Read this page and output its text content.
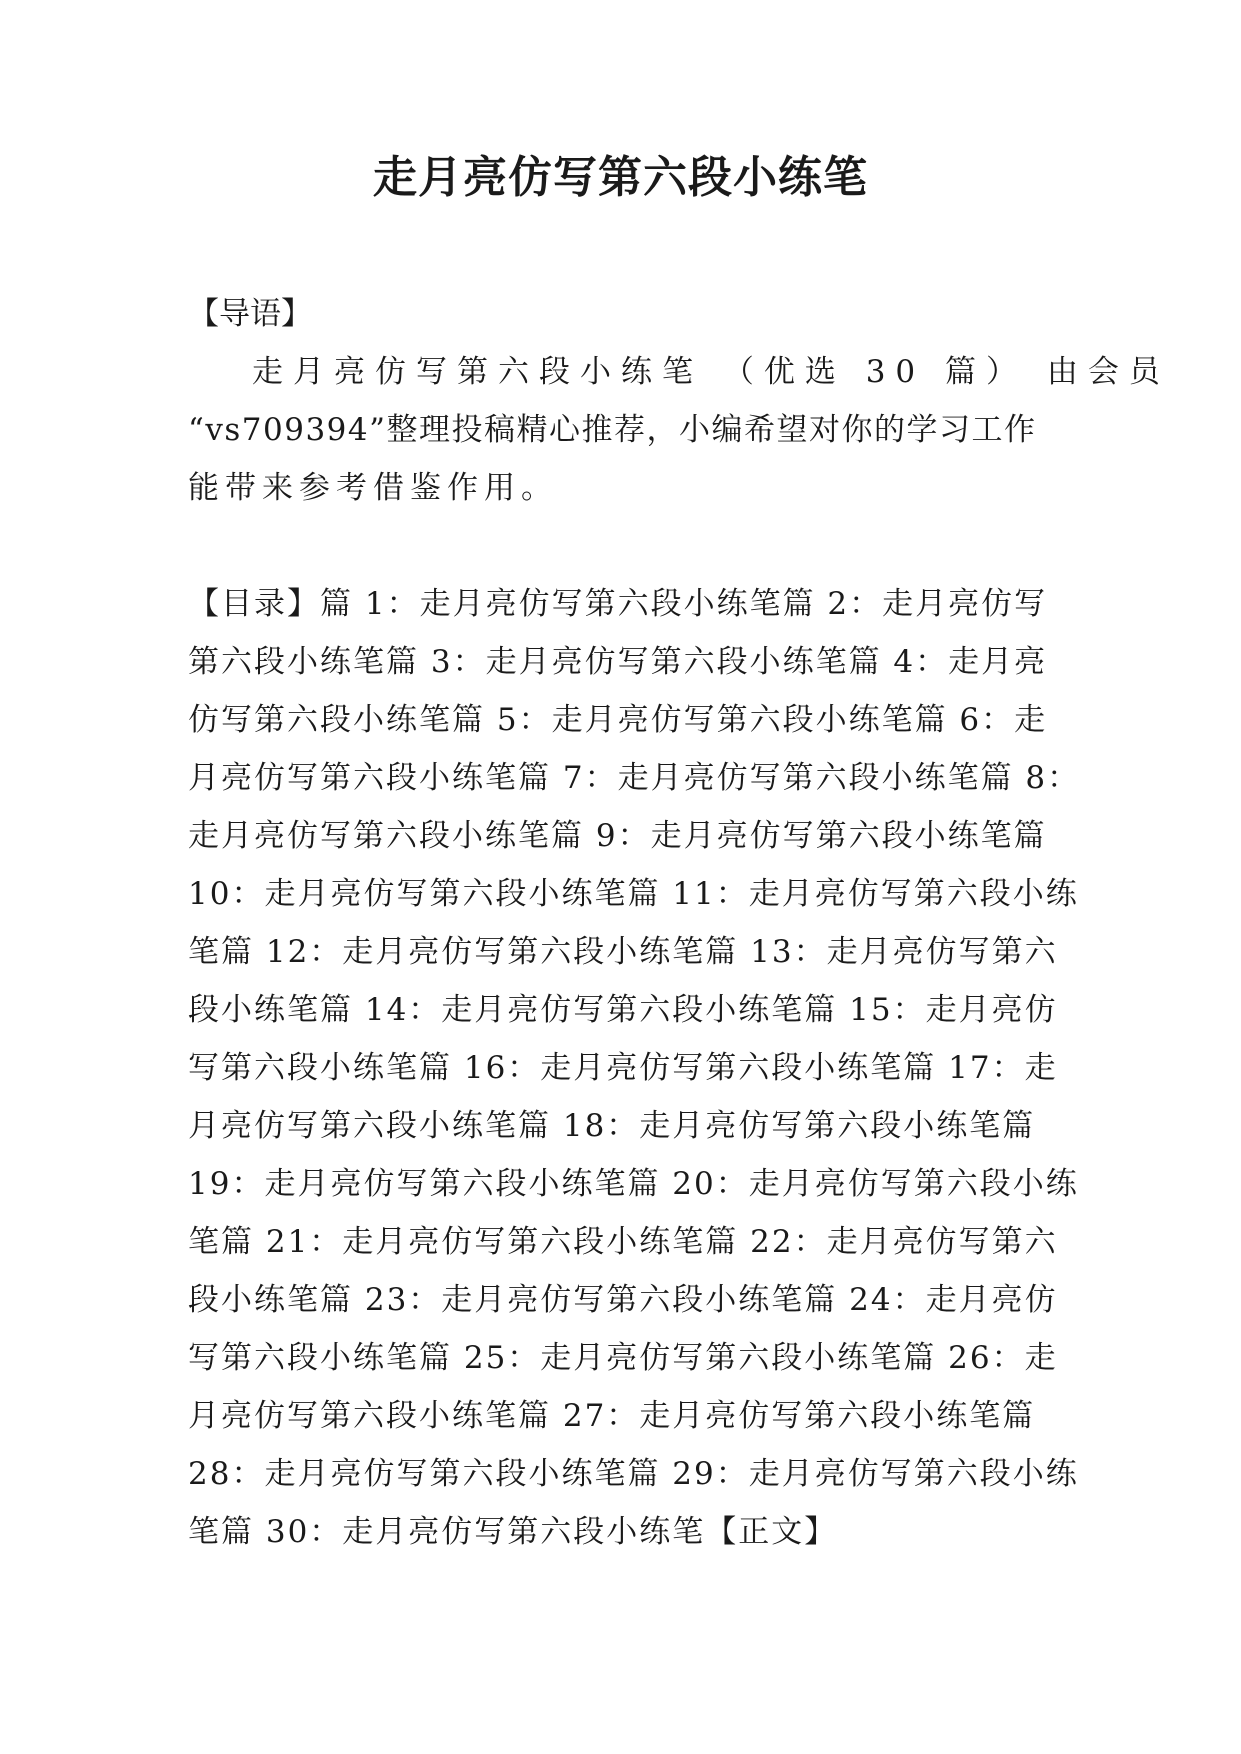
走月亮仿写第六段小练笔
【导语】
走月亮仿写第六段小练笔 （优选 30 篇） 由会员
“vs709394”整理投稿精心推荐，小编希望对你的学习工作
能带来参考借鉴作用。
【目录】篇 1：走月亮仿写第六段小练笔篇 2：走月亮仿写
第六段小练笔篇 3：走月亮仿写第六段小练笔篇 4：走月亮
仿写第六段小练笔篇 5：走月亮仿写第六段小练笔篇 6：走
月亮仿写第六段小练笔篇 7：走月亮仿写第六段小练笔篇 8：
走月亮仿写第六段小练笔篇 9：走月亮仿写第六段小练笔篇
10：走月亮仿写第六段小练笔篇 11：走月亮仿写第六段小练
笔篇 12：走月亮仿写第六段小练笔篇 13：走月亮仿写第六
段小练笔篇 14：走月亮仿写第六段小练笔篇 15：走月亮仿
写第六段小练笔篇 16：走月亮仿写第六段小练笔篇 17：走
月亮仿写第六段小练笔篇 18：走月亮仿写第六段小练笔篇
19：走月亮仿写第六段小练笔篇 20：走月亮仿写第六段小练
笔篇 21：走月亮仿写第六段小练笔篇 22：走月亮仿写第六
段小练笔篇 23：走月亮仿写第六段小练笔篇 24：走月亮仿
写第六段小练笔篇 25：走月亮仿写第六段小练笔篇 26：走
月亮仿写第六段小练笔篇 27：走月亮仿写第六段小练笔篇
28：走月亮仿写第六段小练笔篇 29：走月亮仿写第六段小练
笔篇 30：走月亮仿写第六段小练笔【正文】
